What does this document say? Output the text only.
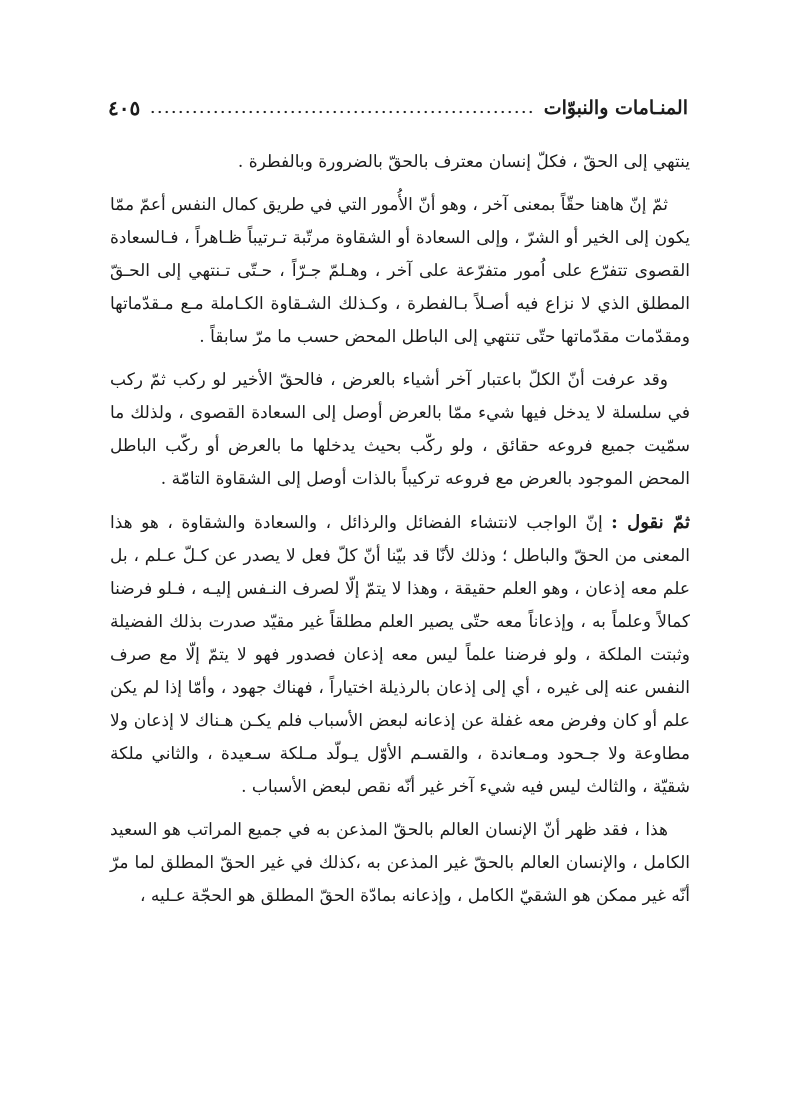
المنـامات والنبوّات
٤٠٥

ينتهي إلى الحقّ ، فكلّ إنسان معترف بالحقّ بالضرورة وبالفطرة .

ثمّ إنّ هاهنا حقّاً بمعنى آخر ، وهو أنّ الأُمور التي في طريق كمال النفس أعمّ ممّا يكون إلى الخير أو الشرّ ، وإلى السعادة أو الشقاوة مرتّبة تـرتيباً ظـاهراً ، فـالسعادة القصوى تتفرّع على اُمور متفرّعة على آخر ، وهـلمّ جـرّاً ، حـتّى تـنتهي إلى الحـقّ المطلق الذي لا نزاع فيه أصـلاً بـالفطرة ، وكـذلك الشـقاوة الكـاملة مـع مـقدّماتها ومقدّمات مقدّماتها حتّى تنتهي إلى الباطل المحض حسب ما مرّ سابقاً .

وقد عرفت أنّ الكلّ باعتبار آخر أشياء بالعرض ، فالحقّ الأخير لو ركب ثمّ ركب في سلسلة لا يدخل فيها شيء ممّا بالعرض أوصل إلى السعادة القصوى ، ولذلك ما سمّيت جميع فروعه حقائق ، ولو ركّب بحيث يدخلها ما بالعرض أو ركّب الباطل المحض الموجود بالعرض مع فروعه تركيباً بالذات أوصل إلى الشقاوة التامّة .

ثمّ نقول : إنّ الواجب لانتشاء الفضائل والرذائل ، والسعادة والشقاوة ، هو هذا المعنى من الحقّ والباطل ؛ وذلك لأنّا قد بيّنا أنّ كلّ فعل لا يصدر عن كـلّ عـلم ، بل علم معه إذعان ، وهو العلم حقيقة ، وهذا لا يتمّ إلّا لصرف النـفس إليـه ، فـلو فرضنا كمالاً وعلماً به ، وإذعاناً معه حتّى يصير العلم مطلقاً غير مقيّد صدرت بذلك الفضيلة وثبتت الملكة ، ولو فرضنا علماً ليس معه إذعان فصدور فهو لا يتمّ إلّا مع صرف النفس عنه إلى غيره ، أي إلى إذعان بالرذيلة اختياراً ، فهناك جهود ، وأمّا إذا لم يكن علم أو كان وفرض معه غفلة عن إذعانه لبعض الأسباب فلم يكـن هـناك لا إذعان ولا مطاوعة ولا جـحود ومـعاندة ، والقسـم الأوّل يـولّد مـلكة سـعيدة ، والثاني ملكة شقيّة ، والثالث ليس فيه شيء آخر غير أنّه نقص لبعض الأسباب .

هذا ، فقد ظهر أنّ الإنسان العالم بالحقّ المذعن به في جميع المراتب هو السعيد الكامل ، والإنسان العالم بالحقّ غير المذعن به ،كذلك في غير الحقّ المطلق لما مرّ أنّه غير ممكن هو الشقيّ الكامل ، وإذعانه بمادّة الحقّ المطلق هو الحجّة عـليه ،
